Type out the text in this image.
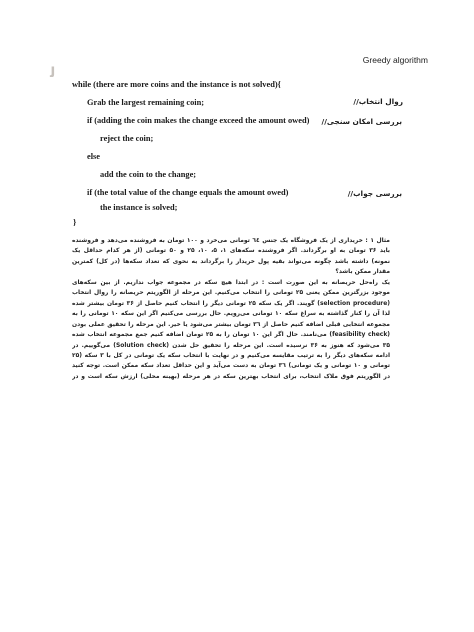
Greedy algorithm
ﻟ
while (there are more coins and the instance is not solved){
Grab the largest remaining coin;
if (adding the coin makes the change exceed the amount owed)
reject the coin;
else
add the coin to the change;
if (the total value of the change equals the amount owed)
the instance is solved;
}
روال انتخاب//
بررسی امکان سنجی//
بررسی جواب//
مثال ۱ : خریداری از یک فروشگاه یک جنس ٦٤ تومانی می‌خرد و ۱۰۰ تومان به فروشنده می‌دهد و فروشنده
باید ۳۶ تومان به او برگرداند. اگر فروشنده سکه‌های ۱، ۵، ۱۰، ۲۵ و ۵۰ تومانی (از هر کدام حداقل یک
نمونه) داشته باشد چگونه می‌تواند بقیه پول خریدار را برگرداند به نحوی که تعداد سکه‌ها (در کل) کمترین
مقدار ممکن باشد؟
یک راه‌حل حریصانه به این صورت است : در ابتدا هیچ سکه در مجموعه جواب نداریم. از بین سکه‌های
موجود بزرگترین ممکن یعنی ۲۵ تومانی را انتخاب می‌کنیم. این مرحله از الگوریتم حریصانه را روال انتخاب
(selection procedure) گویند. اگر یک سکه ۲۵ تومانی دیگر را انتخاب کنیم حاصل از ۳۶ تومان بیشتر شده
لذا آن را کنار گذاشته به سراغ سکه ۱۰ تومانی می‌رویم. حال بررسی می‌کنیم اگر این سکه ۱۰ تومانی را به
مجموعه انتخابی قبلی اضافه کنیم حاصل از ۳٦ تومان بیشتر می‌شود یا خیر. این مرحله را تحقیق عملی بودن
(feasibility check) می‌نامند. حال اگر این ۱۰ تومان را به ۲۵ تومان اضافه کنیم جمع مجموعه انتخاب شده
۳۵ می‌شود که هنوز به ۳۶ نرسیده است. این مرحله را تحقیق حل شدن (Solution check) می‌گوییم. در
ادامه سکه‌های دیگر را به ترتیب مقایسه می‌کنیم و در نهایت با انتخاب سکه یک تومانی در کل با ۳ سکه (۲۵
تومانی و ۱۰ تومانی و یک تومانی) ۳٦ تومان به دست می‌آید و این حداقل تعداد سکه ممکن است. توجه کنید
در الگوریتم فوق ملاک انتخاب، برای انتخاب بهترین سکه در هر مرحله (بهینه محلی) ارزش سکه است و در
